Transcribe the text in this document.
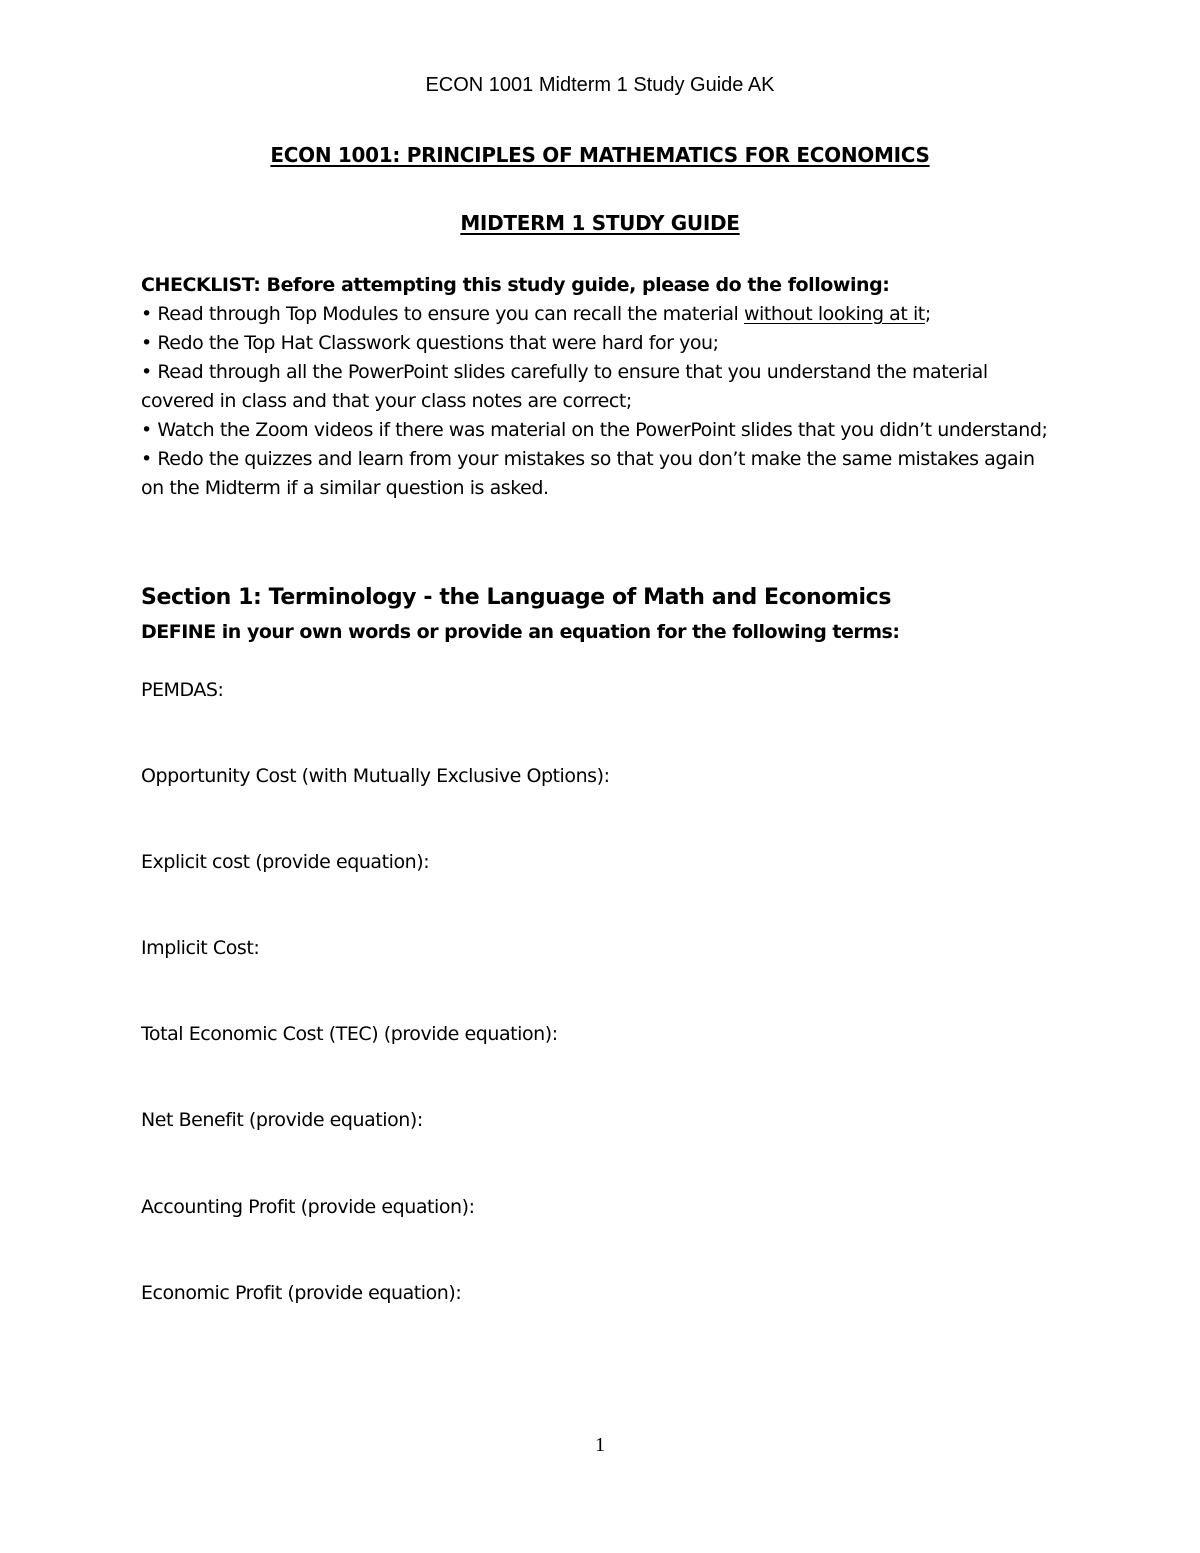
ECON 1001 Midterm 1 Study Guide AK
ECON 1001: PRINCIPLES OF MATHEMATICS FOR ECONOMICS
MIDTERM 1 STUDY GUIDE
CHECKLIST: Before attempting this study guide, please do the following:

• Read through Top Modules to ensure you can recall the material without looking at it;

• Redo the Top Hat Classwork questions that were hard for you;

• Read through all the PowerPoint slides carefully to ensure that you understand the material covered in class and that your class notes are correct;

• Watch the Zoom videos if there was material on the PowerPoint slides that you didn’t understand;

• Redo the quizzes and learn from your mistakes so that you don’t make the same mistakes again on the Midterm if a similar question is asked.

Section 1: Terminology - the Language of Math and Economics
DEFINE in your own words or provide an equation for the following terms:
PEMDAS:
Opportunity Cost (with Mutually Exclusive Options):
Explicit cost (provide equation):
Implicit Cost:
Total Economic Cost (TEC) (provide equation):
Net Benefit (provide equation):
Accounting Profit (provide equation):
Economic Profit (provide equation):
1
